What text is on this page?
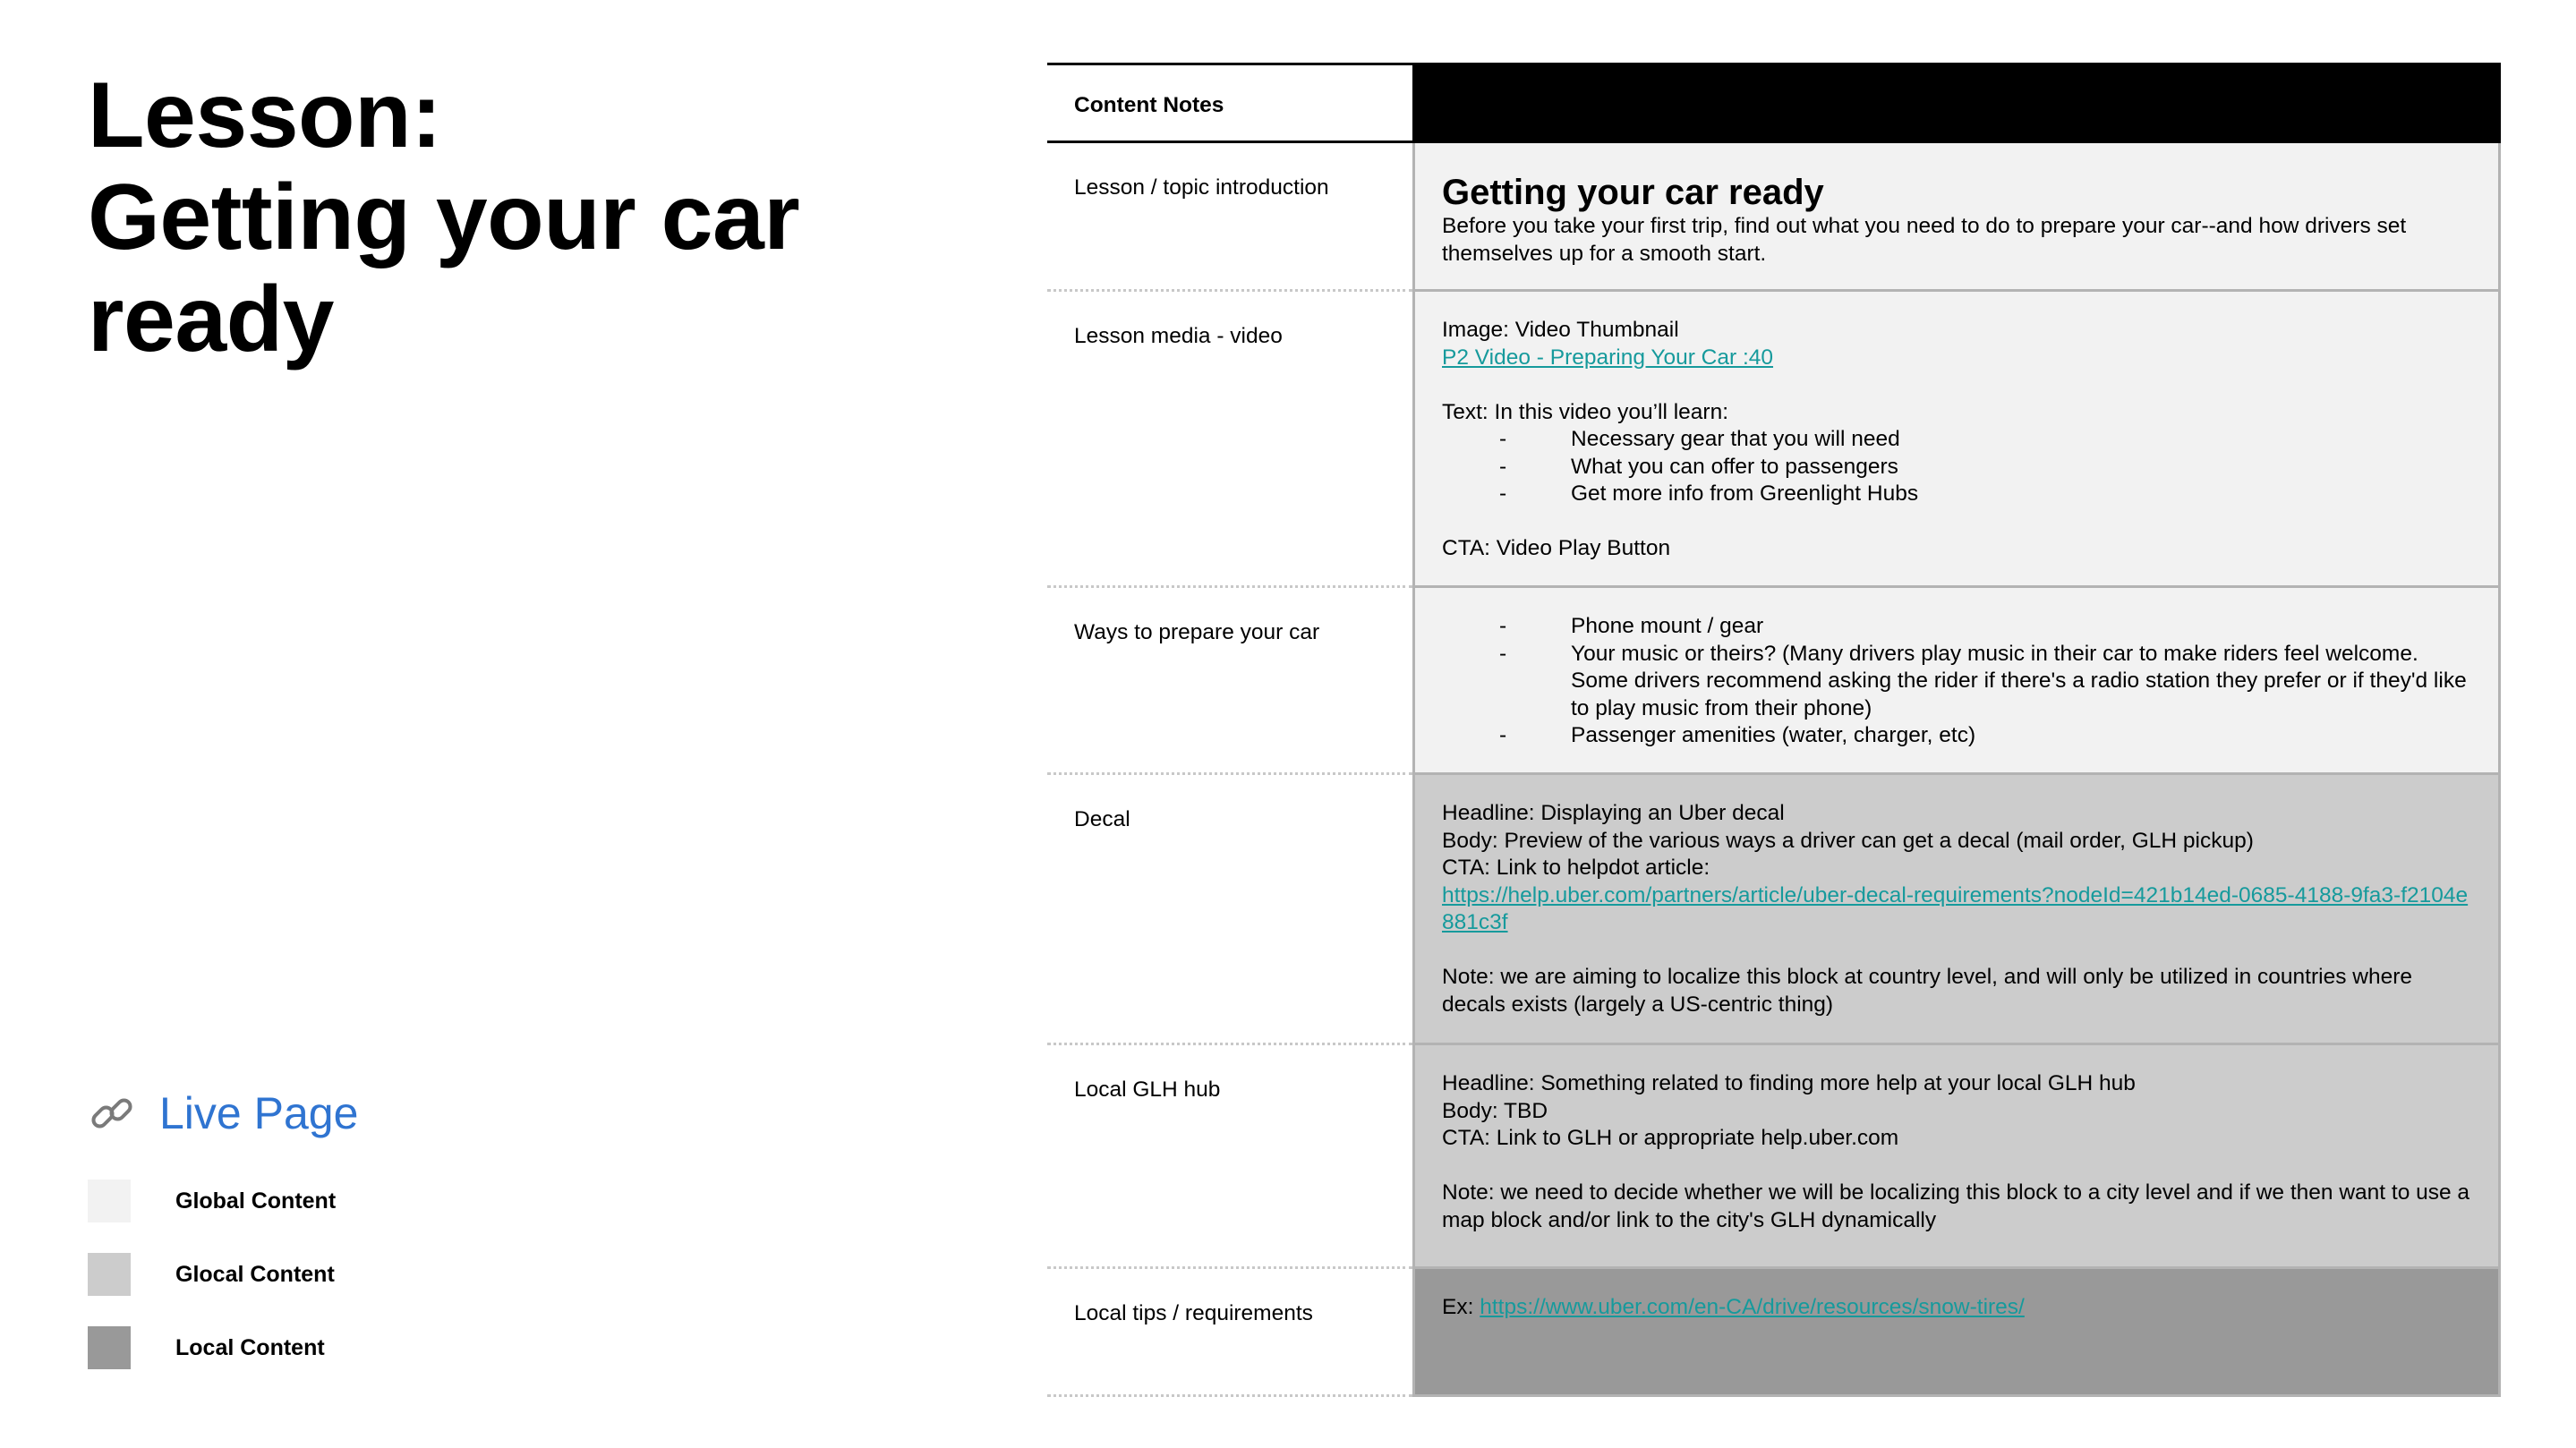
Lesson:
Getting your car
ready
Live Page
Global Content
Glocal Content
Local Content
Content Notes
Lesson / topic introduction	Getting your car ready
Before you take your first trip, find out what you need to do to prepare your car--and how drivers set themselves up for a smooth start.
Lesson media - video	Image: Video Thumbnail
P2 Video - Preparing Your Car :40
Text: In this video you’ll learn:
-	Necessary gear that you will need
-	What you can offer to passengers
-	Get more info from Greenlight Hubs
CTA: Video Play Button
Ways to prepare your car	-	Phone mount / gear
-	Your music or theirs? (Many drivers play music in their car to make riders feel welcome. Some drivers recommend asking the rider if there's a radio station they prefer or if they'd like to play music from their phone)
-	Passenger amenities (water, charger, etc)
Decal	Headline: Displaying an Uber decal
Body: Preview of the various ways a driver can get a decal (mail order, GLH pickup)
CTA: Link to helpdot article:
https://help.uber.com/partners/article/uber-decal-requirements?nodeId=421b14ed-0685-4188-9fa3-f2104e881c3f
Note: we are aiming to localize this block at country level, and will only be utilized in countries where decals exists (largely a US-centric thing)
Local GLH hub	Headline: Something related to finding more help at your local GLH hub
Body: TBD
CTA: Link to GLH or appropriate help.uber.com
Note: we need to decide whether we will be localizing this block to a city level and if we then want to use a map block and/or link to the city's GLH dynamically
Local tips / requirements	Ex: https://www.uber.com/en-CA/drive/resources/snow-tires/
